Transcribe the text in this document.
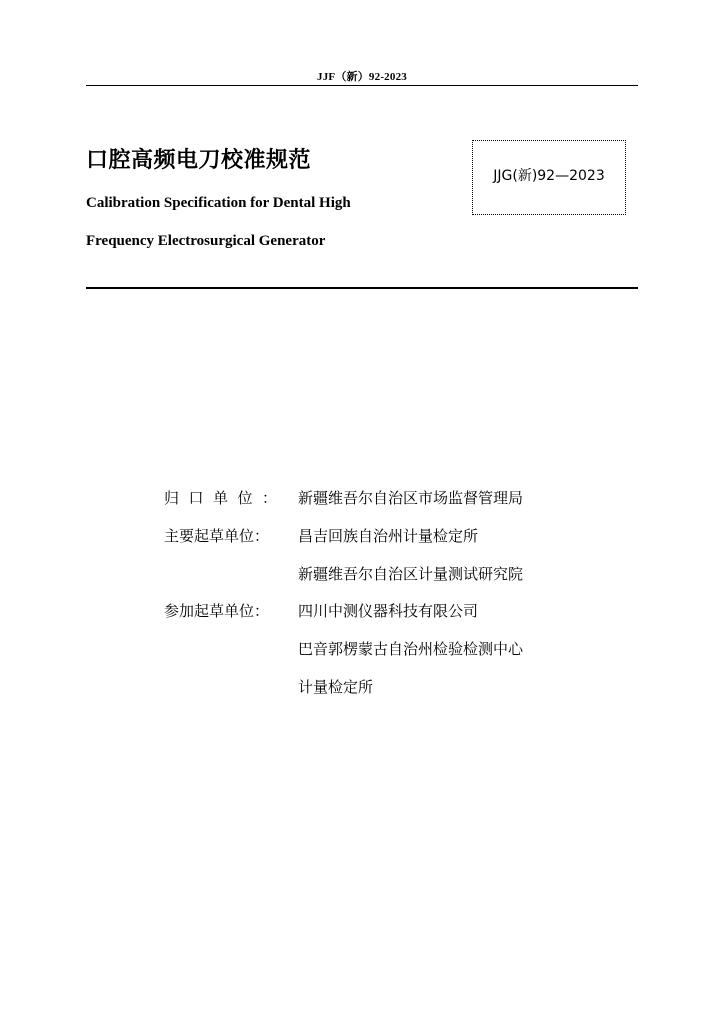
JJF（新）92-2023
口腔高频电刀校准规范
Calibration Specification for Dental High
Frequency Electrosurgical Generator
JJG(新)92—2023
归口单位： 新疆维吾尔自治区市场监督管理局
主要起草单位：	昌吉回族自治州计量检定所
新疆维吾尔自治区计量测试研究院
参加起草单位：	四川中测仪器科技有限公司
巴音郭楞蒙古自治州检验检测中心
计量检定所
